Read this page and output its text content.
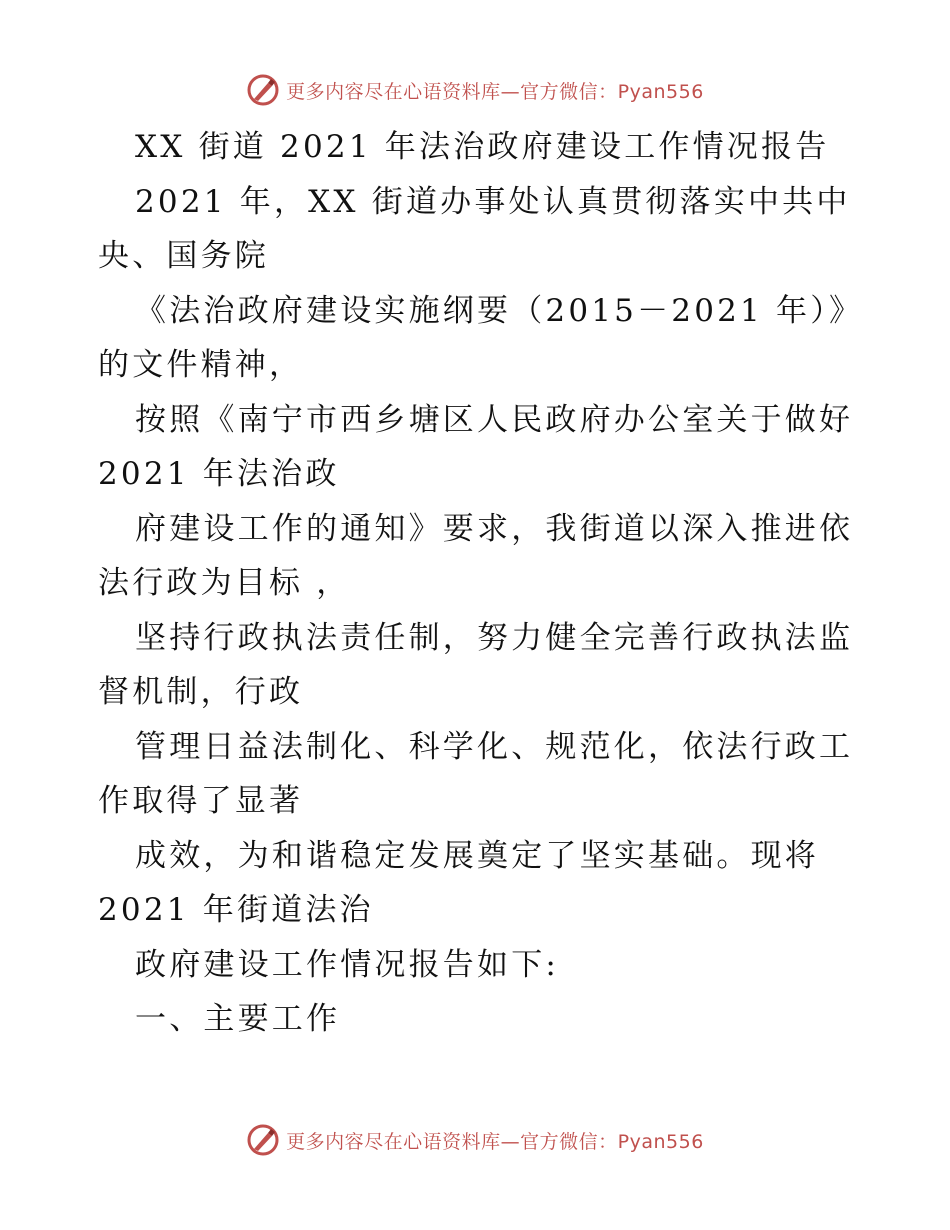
更多内容尽在心语资料库—官方微信：Pyan556
XX 街道 2021 年法治政府建设工作情况报告
2021 年，XX 街道办事处认真贯彻落实中共中
央、国务院
《法治政府建设实施纲要（2015－2021 年）》
的文件精神，
按照《南宁市西乡塘区人民政府办公室关于做好
2021 年法治政
府建设工作的通知》要求，我街道以深入推进依
法行政为目标 ，
坚持行政执法责任制，努力健全完善行政执法监
督机制，行政
管理日益法制化、科学化、规范化，依法行政工
作取得了显著
成效，为和谐稳定发展奠定了坚实基础。现将
2021 年街道法治
政府建设工作情况报告如下:
一、主要工作
更多内容尽在心语资料库—官方微信：Pyan556
